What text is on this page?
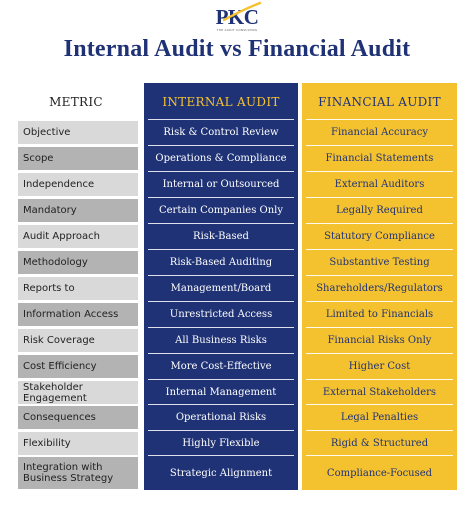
PKC
THE AUDIT CONSULTING
Internal Audit vs Financial Audit
METRIC	INTERNAL AUDIT	FINANCIAL AUDIT
Objective	Risk & Control Review	Financial Accuracy
Scope	Operations & Compliance	Financial Statements
Independence	Internal or Outsourced	External Auditors
Mandatory	Certain Companies Only	Legally Required
Audit Approach	Risk-Based	Statutory Compliance
Methodology	Risk-Based Auditing	Substantive Testing
Reports to	Management/Board	Shareholders/Regulators
Information Access	Unrestricted Access	Limited to Financials
Risk Coverage	All Business Risks	Financial Risks Only
Cost Efficiency	More Cost-Effective	Higher Cost
Stakeholder
Engagement	Internal Management	External Stakeholders
Consequences	Operational Risks	Legal Penalties
Flexibility	Highly Flexible	Rigid & Structured
Integration with
Business Strategy	Strategic Alignment	Compliance-Focused
